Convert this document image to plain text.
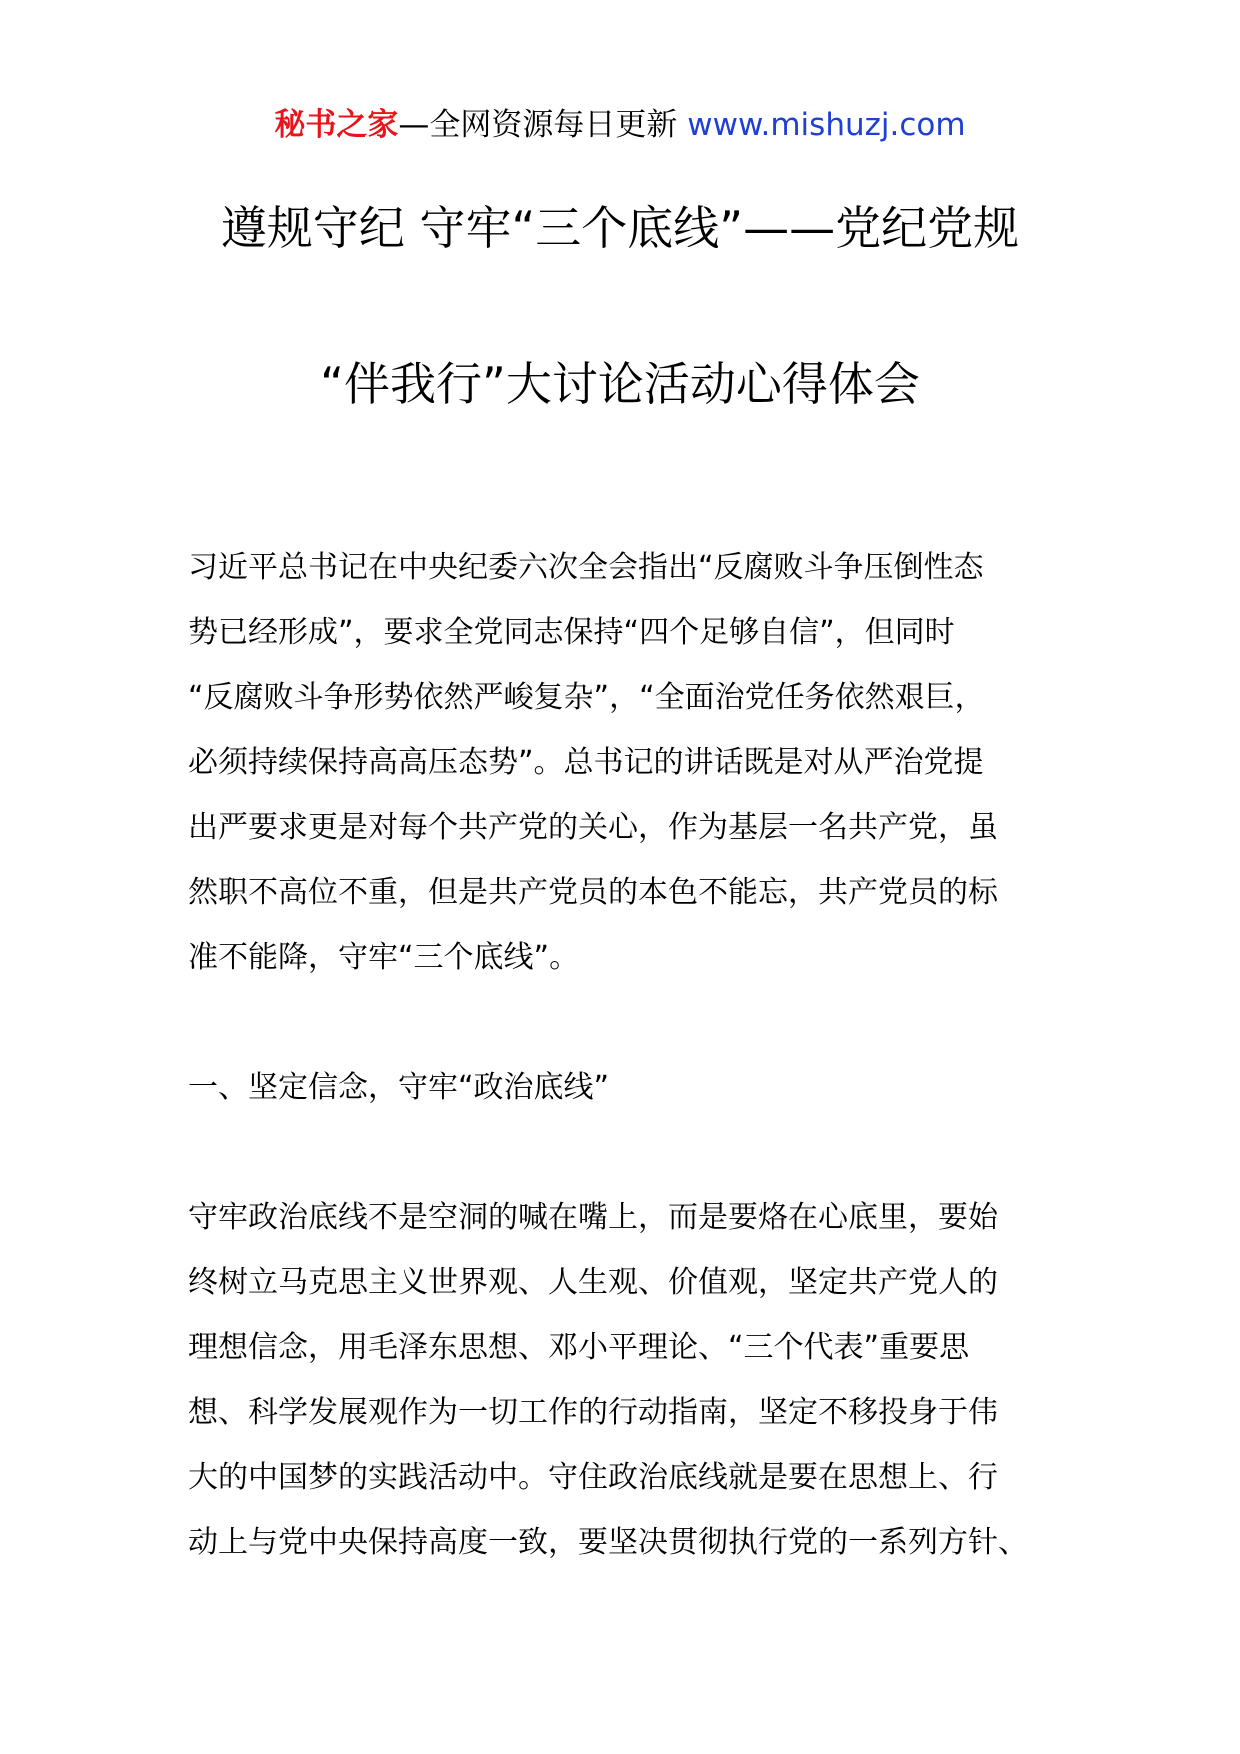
秘书之家—全网资源每日更新 www.mishuzj.com
遵规守纪 守牢“三个底线”——党纪党规
“伴我行”大讨论活动心得体会
习近平总书记在中央纪委六次全会指出“反腐败斗争压倒性态
势已经形成”，要求全党同志保持“四个足够自信”，但同时
“反腐败斗争形势依然严峻复杂”，“全面治党任务依然艰巨，
必须持续保持高高压态势”。总书记的讲话既是对从严治党提
出严要求更是对每个共产党的关心，作为基层一名共产党，虽
然职不高位不重，但是共产党员的本色不能忘，共产党员的标
准不能降，守牢“三个底线”。
一、坚定信念，守牢“政治底线”
守牢政治底线不是空洞的喊在嘴上，而是要烙在心底里，要始
终树立马克思主义世界观、人生观、价值观，坚定共产党人的
理想信念，用毛泽东思想、邓小平理论、“三个代表”重要思
想、科学发展观作为一切工作的行动指南，坚定不移投身于伟
大的中国梦的实践活动中。守住政治底线就是要在思想上、行
动上与党中央保持高度一致，要坚决贯彻执行党的一系列方针、
